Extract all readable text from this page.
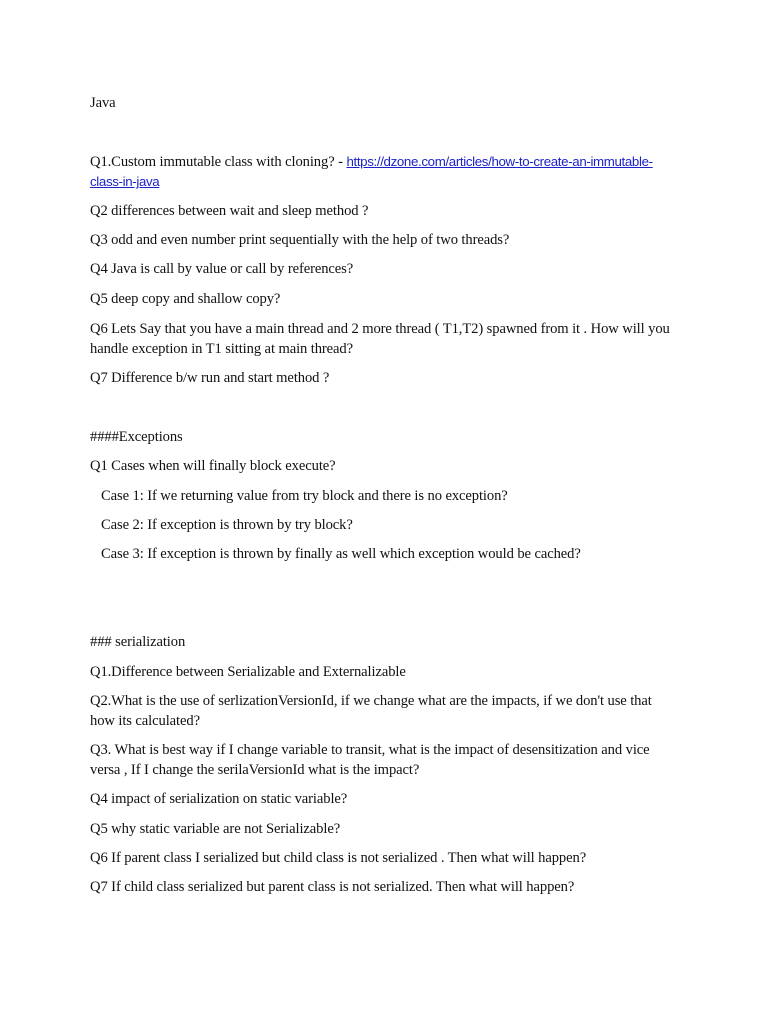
Java
Q1.Custom immutable class with cloning? - https://dzone.com/articles/how-to-create-an-immutable-class-in-java
Q2 differences between wait and sleep method ?
Q3 odd and even number print sequentially with the help of two threads?
Q4 Java is call by value or call by references?
Q5 deep copy and shallow copy?
Q6 Lets Say that you have a main thread and 2 more thread ( T1,T2) spawned from it . How will you handle exception in T1 sitting at main thread?
Q7 Difference b/w run and start method ?
####Exceptions
Q1 Cases when will finally block execute?
Case 1: If we returning value from try block and there is no exception?
Case 2: If exception is thrown by try block?
Case 3: If exception is thrown by finally as well which exception would be cached?
### serialization
Q1.Difference between Serializable and Externalizable
Q2.What is the use of serlizationVersionId, if we change what are the impacts, if we don't use that how its calculated?
Q3. What is best way if I change variable to transit, what is the impact of desensitization and vice versa , If I change the serilaVersionId what is the impact?
Q4 impact of serialization on static variable?
Q5 why static variable are not Serializable?
Q6 If parent class I serialized but child class is not serialized . Then what will happen?
Q7 If child class serialized but parent class is not serialized. Then what will happen?
